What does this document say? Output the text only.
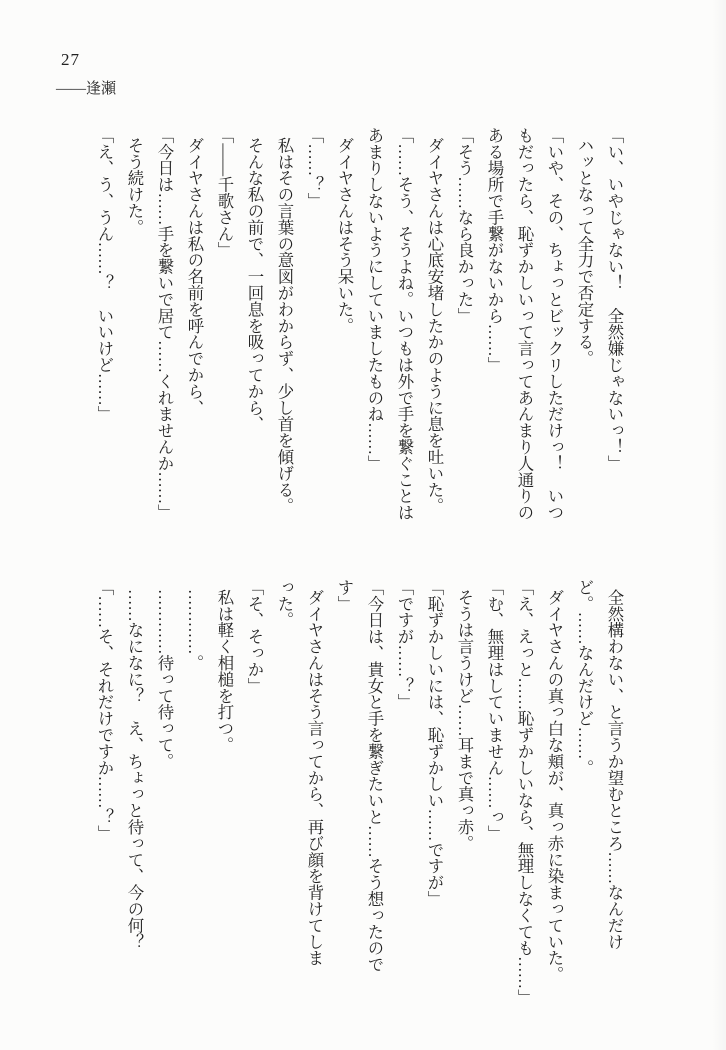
27
——逢瀬

「い、いやじゃない！　全然嫌じゃないっ！」

ハッとなって全力で否定する。

「いや、その、ちょっとビックリしただけっ！　いつ

もだったら、恥ずかしいって言ってあんまり人通りの

ある場所で手繋がないから……」

「そう……なら良かった」

ダイヤさんは心底安堵したかのように息を吐いた。

「……そう、そうよね。いつもは外で手を繋ぐことは

あまりしないようにしていましたものね……」

ダイヤさんはそう呆いた。

「……？」

私はその言葉の意図がわからず、少し首を傾げる。

そんな私の前で、一回息を吸ってから、

「——千歌さん」

ダイヤさんは私の名前を呼んでから、

「今日は……手を繋いで居て……くれませんか……」

そう続けた。

「え、う、うん……？　いいけど……」

全然構わない、と言うか望むところ……なんだけ

ど。……なんだけど……。

ダイヤさんの真っ白な頬が、真っ赤に染まっていた。

「え、えっと……恥ずかしいなら、無理しなくても……」

「む、無理はしていません……っ」

そうは言うけど……耳まで真っ赤。

「恥ずかしいには、恥ずかしい……ですが」

「ですが……？」

「今日は、貴女と手を繋ぎたいと……そう想ったので

す」

ダイヤさんはそう言ってから、再び顔を背けてしま

った。

「そ、そっか」

私は軽く相槌を打つ。

…………。

…………待って待って。

……なになに？　え、ちょっと待って、今の何？

「……そ、それだけですか……？」
